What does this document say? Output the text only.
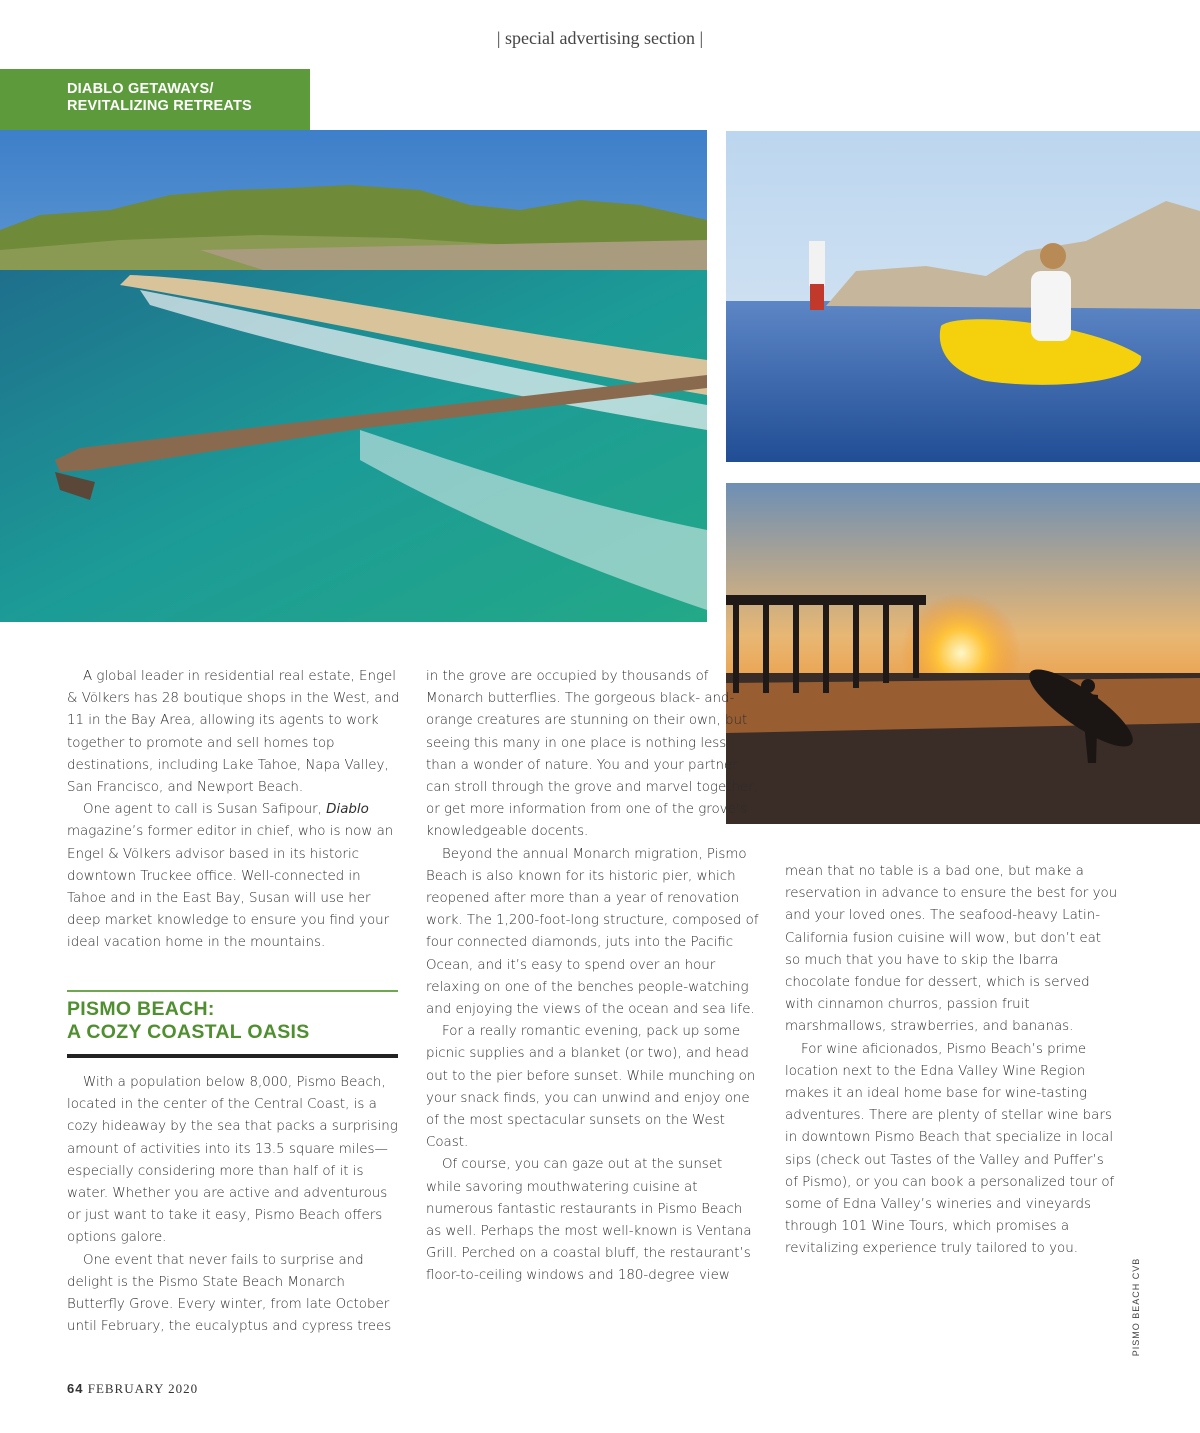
| special advertising section |
DIABLO GETAWAYS/
REVITALIZING RETREATS

A global leader in residential real estate, Engel & Völkers has 28 boutique shops in the West, and 11 in the Bay Area, allowing its agents to work together to promote and sell homes top destinations, including Lake Tahoe, Napa Valley, San Francisco, and Newport Beach.

One agent to call is Susan Safipour, Diablo magazine’s former editor in chief, who is now an Engel & Völkers advisor based in its historic downtown Truckee office. Well-connected in Tahoe and in the East Bay, Susan will use her deep market knowledge to ensure you find your ideal vacation home in the mountains.

PISMO BEACH:
A COZY COASTAL OASIS

With a population below 8,000, Pismo Beach, located in the center of the Central Coast, is a cozy hideaway by the sea that packs a surprising amount of activities into its 13.5 square miles—especially considering more than half of it is water. Whether you are active and adventurous or just want to take it easy, Pismo Beach offers options galore.

One event that never fails to surprise and delight is the Pismo State Beach Monarch Butterfly Grove. Every winter, from late October until February, the eucalyptus and cypress trees

in the grove are occupied by thousands of Monarch butterflies. The gorgeous black- and-orange creatures are stunning on their own, but seeing this many in one place is nothing less than a wonder of nature. You and your partner can stroll through the grove and marvel together, or get more information from one of the grove’s knowledgeable docents.

Beyond the annual Monarch migration, Pismo Beach is also known for its historic pier, which reopened after more than a year of renovation work. The 1,200-foot-long structure, composed of four connected diamonds, juts into the Pacific Ocean, and it’s easy to spend over an hour relaxing on one of the benches people-watching and enjoying the views of the ocean and sea life.

For a really romantic evening, pack up some picnic supplies and a blanket (or two), and head out to the pier before sunset. While munching on your snack finds, you can unwind and enjoy one of the most spectacular sunsets on the West Coast.

Of course, you can gaze out at the sunset while savoring mouthwatering cuisine at numerous fantastic restaurants in Pismo Beach as well. Perhaps the most well-known is Ventana Grill. Perched on a coastal bluff, the restaurant’s floor-to-ceiling windows and 180-degree view

mean that no table is a bad one, but make a reservation in advance to ensure the best for you and your loved ones. The seafood-heavy Latin-California fusion cuisine will wow, but don’t eat so much that you have to skip the Ibarra chocolate fondue for dessert, which is served with cinnamon churros, passion fruit marshmallows, strawberries, and bananas.

For wine aficionados, Pismo Beach’s prime location next to the Edna Valley Wine Region makes it an ideal home base for wine-tasting adventures. There are plenty of stellar wine bars in downtown Pismo Beach that specialize in local sips (check out Tastes of the Valley and Puffer’s of Pismo), or you can book a personalized tour of some of Edna Valley’s wineries and vineyards through 101 Wine Tours, which promises a revitalizing experience truly tailored to you.

PISMO BEACH CVB
64 FEBRUARY 2020
